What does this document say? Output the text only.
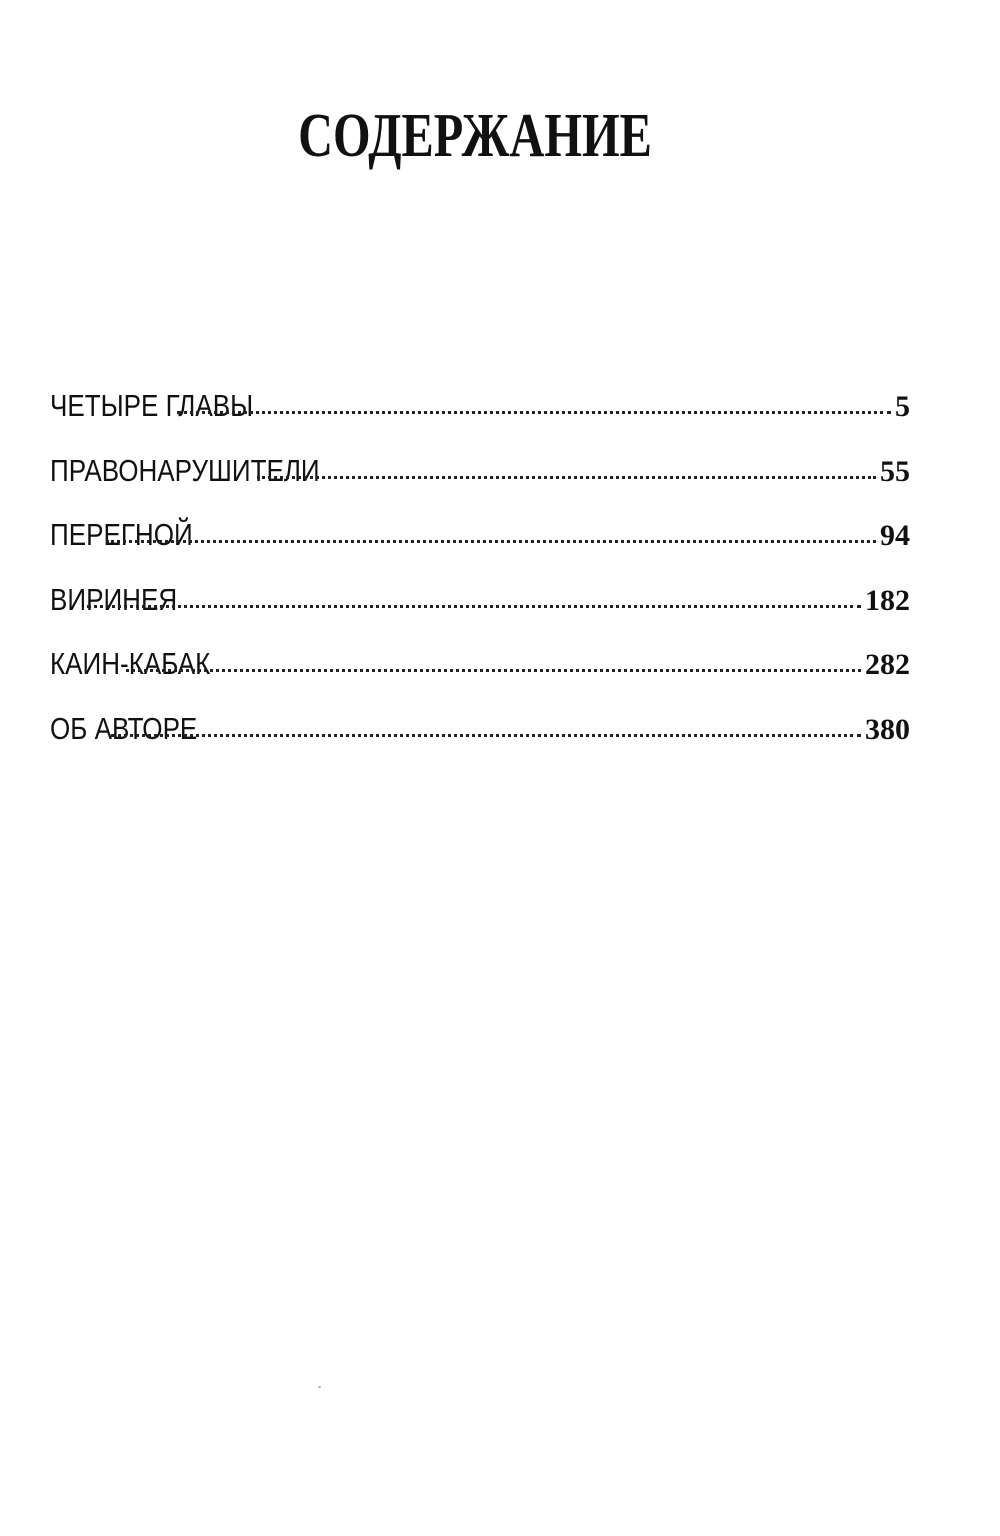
СОДЕРЖАНИЕ
ЧЕТЫРЕ ГЛАВЫ	5
ПРАВОНАРУШИТЕЛИ	55
ПЕРЕГНОЙ	94
ВИРИНЕЯ	182
КАИН-КАБАК	282
ОБ АВТОРЕ	380
